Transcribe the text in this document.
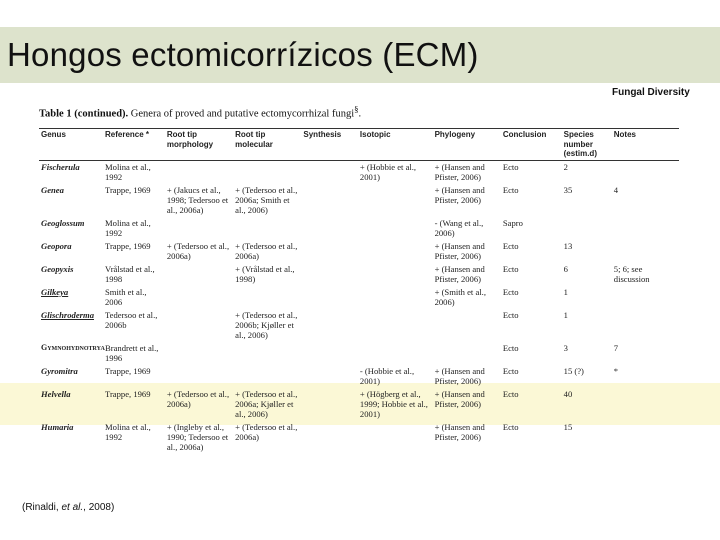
Hongos ectomicorrízicos (ECM)
Fungal Diversity
Table 1 (continued). Genera of proved and putative ectomycorrhizal fungi§.
Genus	Reference *	Root tip morphology	Root tip molecular	Synthesis	Isotopic	Phylogeny	Conclusion	Species number (estim.d)	Notes
Fischerula	Molina et al., 1992				+ (Hobbie et al., 2001)	+ (Hansen and Pfister, 2006)	Ecto	2	
Genea	Trappe, 1969	+ (Jakucs et al., 1998; Tedersoo et al., 2006a)	+ (Tedersoo et al., 2006a; Smith et al., 2006)			+ (Hansen and Pfister, 2006)	Ecto	35	4
Geoglossum	Molina et al., 1992					- (Wang et al., 2006)	Sapro		
Geopora	Trappe, 1969	+ (Tedersoo et al., 2006a)	+ (Tedersoo et al., 2006a)			+ (Hansen and Pfister, 2006)	Ecto	13	
Geopyxis	Vrålstad et al., 1998		+ (Vrålstad et al., 1998)			+ (Hansen and Pfister, 2006)	Ecto	6	5; 6; see discussion
Gilkeya	Smith et al., 2006					+ (Smith et al., 2006)	Ecto	1	
Glischroderma	Tedersoo et al., 2006b		+ (Tedersoo et al., 2006b; Kjøller et al., 2006)				Ecto	1	
Gymnohydnotrya	Brandrett et al., 1996						Ecto	3	7
Gyromitra	Trappe, 1969				- (Hobbie et al., 2001)	+ (Hansen and Pfister, 2006)	Ecto	15 (?)	*
Helvella	Trappe, 1969	+ (Tedersoo et al., 2006a)	+ (Tedersoo et al., 2006a; Kjøller et al., 2006)		+ (Högberg et al., 1999; Hobbie et al., 2001)	+ (Hansen and Pfister, 2006)	Ecto	40	
Humaria	Molina et al., 1992	+ (Ingleby et al., 1990; Tedersoo et al., 2006a)	+ (Tedersoo et al., 2006a)			+ (Hansen and Pfister, 2006)	Ecto	15	
(Rinaldi, et al., 2008)
